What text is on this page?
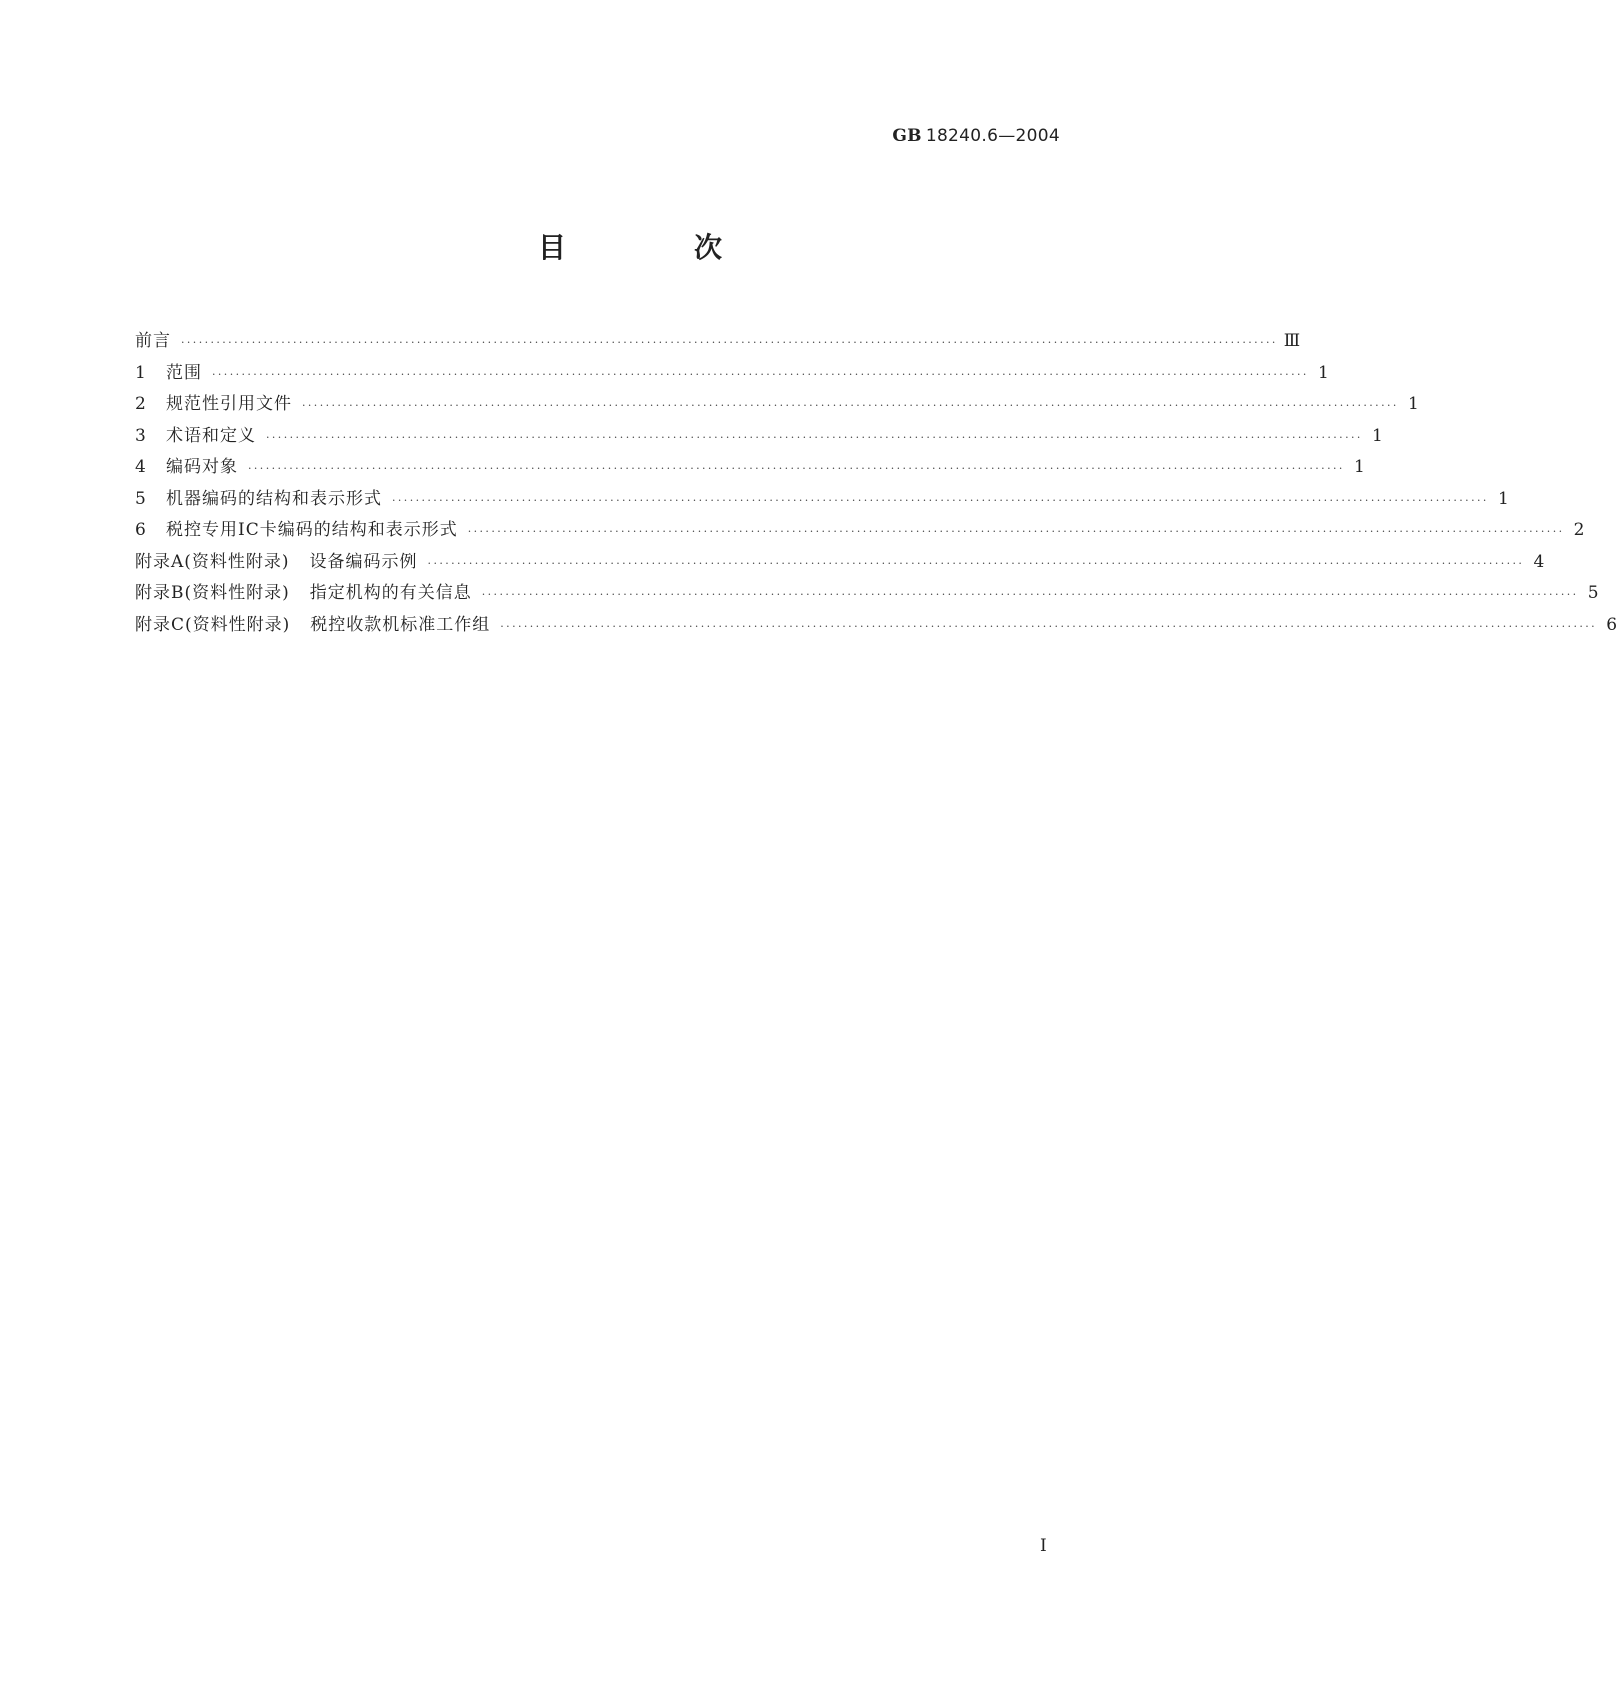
GB 18240.6—2004
目　次
前言 ·····	Ⅲ
1	范围 ·····	1
2	规范性引用文件 ·····	1
3	术语和定义 ·····	1
4	编码对象 ·····	1
5	机器编码的结构和表示形式 ·····	1
6	税控专用IC卡编码的结构和表示形式 ·····	2
附录A(资料性附录) 设备编码示例 ·····	4
附录B(资料性附录) 指定机构的有关信息 ·····	5
附录C(资料性附录) 税控收款机标准工作组 ·····	6
Ⅰ
